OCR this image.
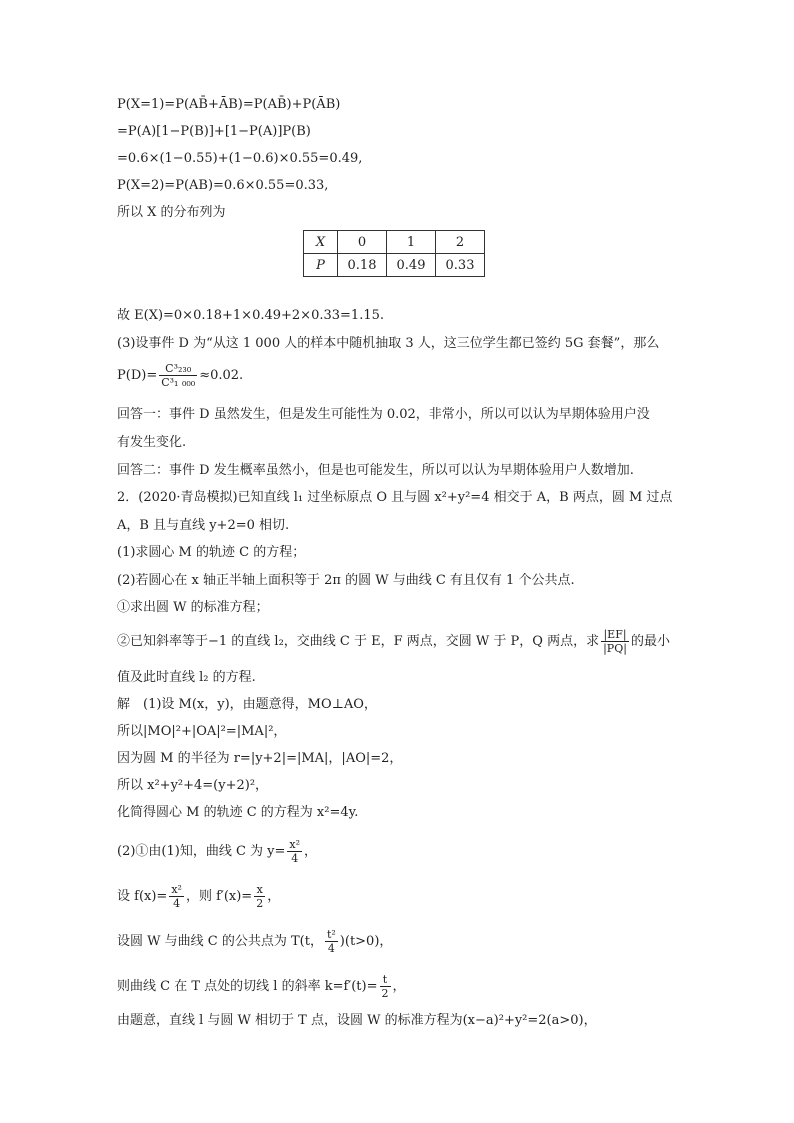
P(X=1)=P(AB̄+ĀB)=P(AB̄)+P(ĀB)
=P(A)[1−P(B)]+[1−P(A)]P(B)
=0.6×(1−0.55)+(1−0.6)×0.55=0.49,
P(X=2)=P(AB)=0.6×0.55=0.33,
所以 X 的分布列为
X	0	1	2
P	0.18	0.49	0.33
故 E(X)=0×0.18+1×0.49+2×0.33=1.15.
(3)设事件 D 为“从这 1 000 人的样本中随机抽取 3 人，这三位学生都已签约 5G 套餐”，那么
$P(D)= \frac{\text{C³₂₃₀}}{\text{C³₁ ₀₀₀}} \approx 0.02$.
回答一：事件 D 虽然发生，但是发生可能性为 0.02，非常小，所以可以认为早期体验用户没
有发生变化.
回答二：事件 D 发生概率虽然小，但是也可能发生，所以可以认为早期体验用户人数增加.
2．(2020·青岛模拟)已知直线 l₁ 过坐标原点 O 且与圆 x²+y²=4 相交于 A，B 两点，圆 M 过点
A，B 且与直线 y+2=0 相切.
(1)求圆心 M 的轨迹 C 的方程；
(2)若圆心在 x 轴正半轴上面积等于 2π 的圆 W 与曲线 C 有且仅有 1 个公共点.
①求出圆 W 的标准方程；
②已知斜率等于−1 的直线 l₂，交曲线 C 于 E，F 两点，交圆 W 于 P，Q 两点，求 $\frac{|EF|}{|PQ|}$ 的最小
值及此时直线 l₂ 的方程.
解　(1)设 M(x，y)，由题意得，MO⊥AO，
所以|MO|²+|OA|²=|MA|²，
因为圆 M 的半径为 r=|y+2|=|MA|，|AO|=2，
所以 x²+y²+4=(y+2)²，
化简得圆心 M 的轨迹 C 的方程为 x²=4y.
(2)①由(1)知，曲线 C 为 $y= \frac{\text{x²}}{4}$ ，
设 $f(x)= \frac{\text{x²}}{4}$ ，则 $f'(x)= \frac{x}{2}$ ，
设圆 W 与曲线 C 的公共点为 T(t， $\frac{\text{t²}}{4} )(t>0)$，
则曲线 C 在 T 点处的切线 l 的斜率 $k=f'(t)= \frac{t}{2}$ ，
由题意，直线 l 与圆 W 相切于 T 点，设圆 W 的标准方程为(x−a)²+y²=2(a>0)，
